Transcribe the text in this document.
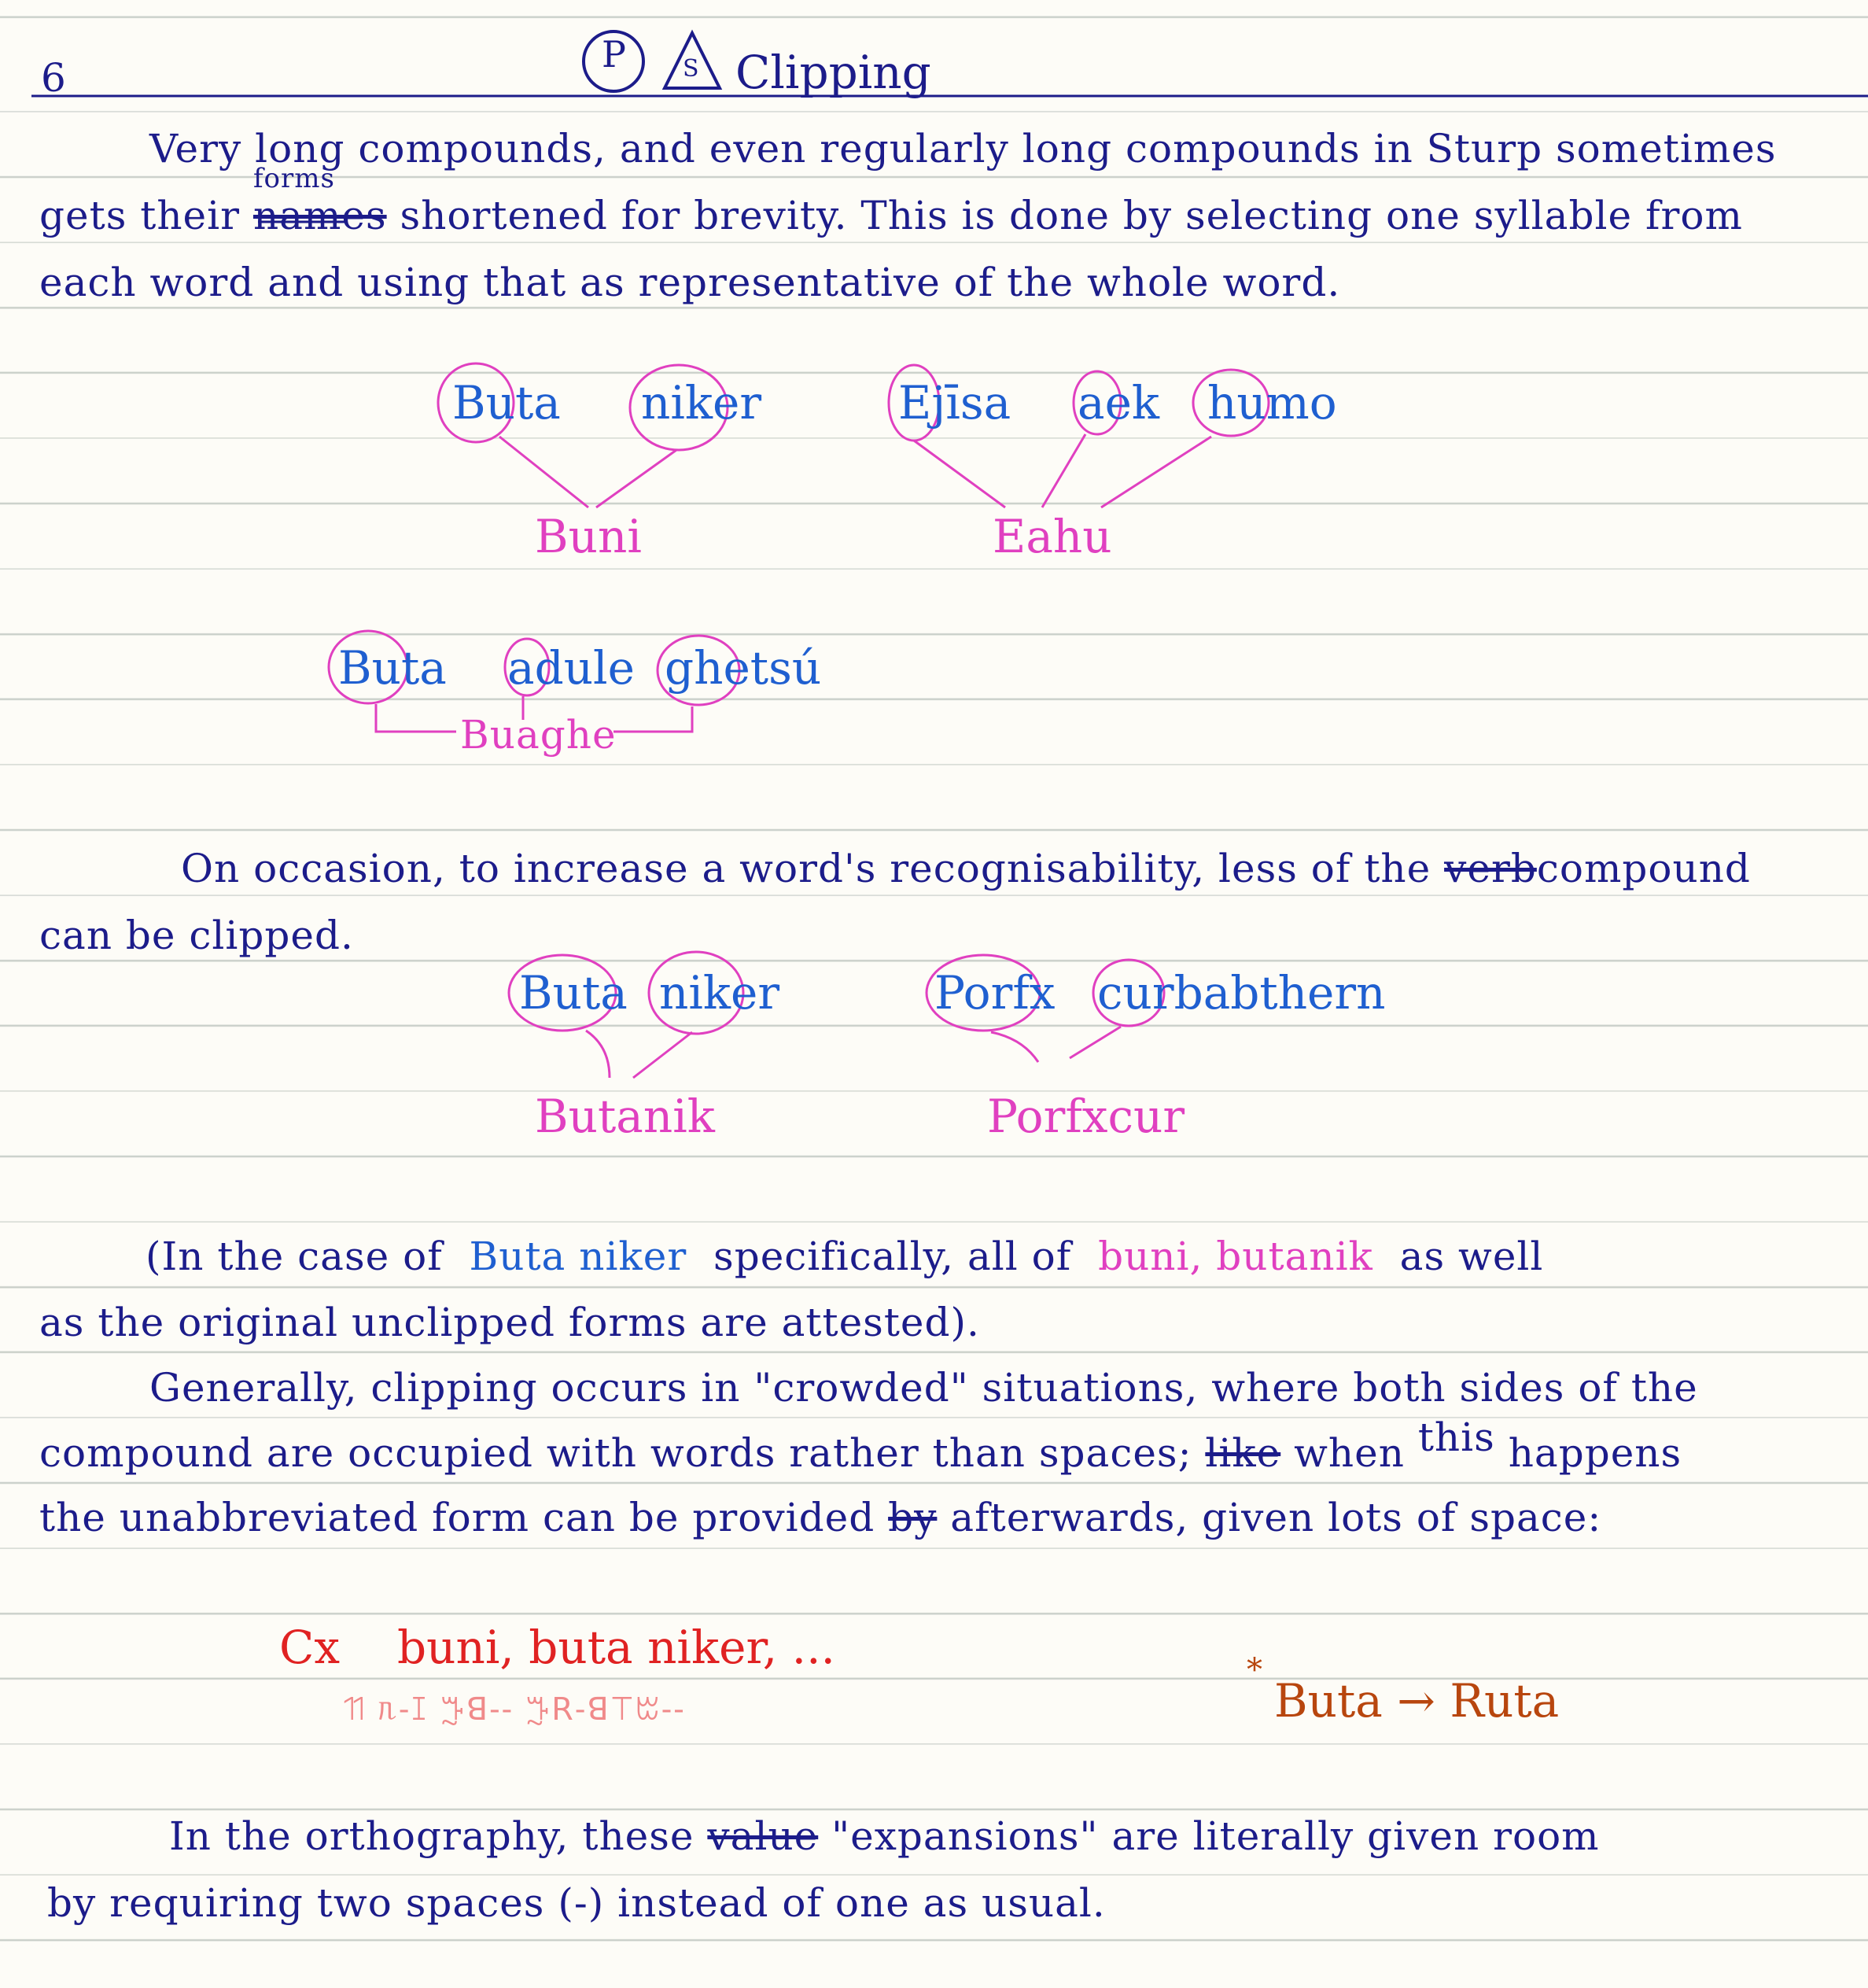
6
P S Clipping
Very long compounds, and even regularly long compounds in Sturp sometimes
gets their
forms
names shortened for brevity. This is done by selecting one syllable from
each word and using that as representative of the whole word.
Buta niker
Buni
Ejīsa aek humo
Eahu
Buta adule ghetsú
Buaghe
On occasion, to increase a word's recognisability, less of the verbcompound
can be clipped.
Buta niker
Butanik
Porfx curbabthern
Porfxcur
(In the case of Buta niker specifically, all of buni, butanik as well
as the original unclipped forms are attested).
Generally, clipping occurs in "crowded" situations, where both sides of the
compound are occupied with words rather than spaces; like when this happens
the unabbreviated form can be provided by afterwards, given lots of space:
Cx buni, buta niker, ...
ꔔ ᥰ-ꕯ ꔓꓭ-- ꔓꓣ-ꓭꔋꔱ--
*
Buta → Ruta
In the orthography, these value "expansions" are literally given room
by requiring two spaces (-) instead of one as usual.
